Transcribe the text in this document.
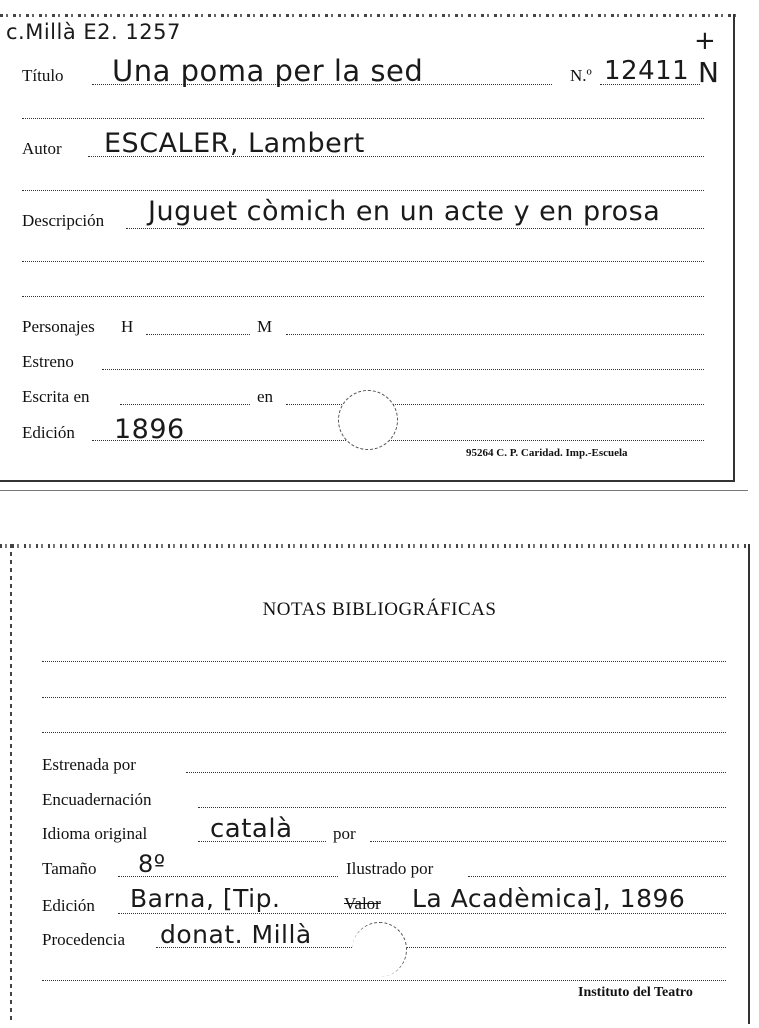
c.Millà E2. 1257
Título Una poma per la sed	N.º 12411 N
+
Autor ESCALER, Lambert
Descripción Juguet còmich en un acte y en prosa
Personajes H	M
Estreno
Escrita en	en
Edición 1896
95264 C. P. Caridad. Imp.-Escuela
NOTAS BIBLIOGRÁFICAS
Estrenada por
Encuadernación
Idioma original català por
Tamaño 8º	Ilustrado por
Edición Barna, [Tip.	Valor La Acadèmica], 1896
Procedencia donat. Millà
Instituto del Teatro
